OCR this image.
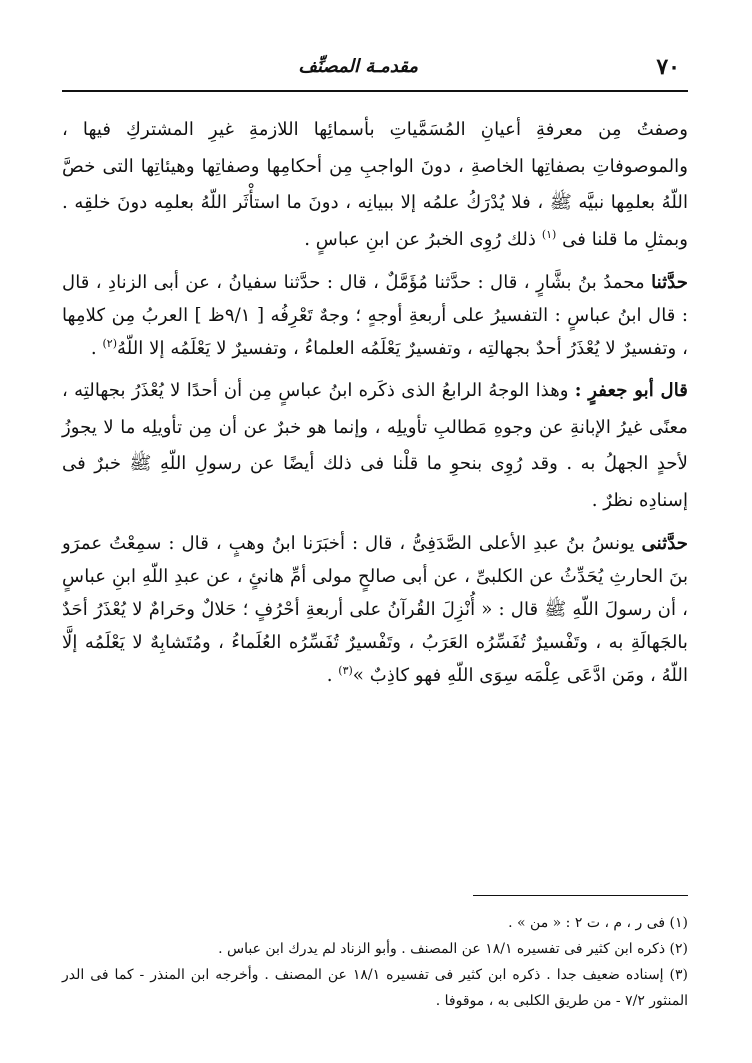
٧٠
مقدمـة المصنِّف

وصفتُ مِن معرفةِ أعيانِ المُسَمَّياتِ بأسمائِها اللازمةِ غيرِ المشتركِ فيها ، والموصوفاتِ بصفاتِها الخاصةِ ، دونَ الواجبِ مِن أحكامِها وصفاتِها وهيئاتِها التى خصَّ اللّهُ بعلمِها نبيَّه ﷺ ، فلا يُدْرَكُ علمُه إلا ببيانِه ، دونَ ما استأْثَر اللّهُ بعلمِه دونَ خلقِه . وبمثلِ ما قلنا فى $^{(١)}$ ذلك رُوِى الخبرُ عن ابنِ عباسٍ .

حدَّثنا محمدُ بنُ بشَّارٍ ، قال : حدَّثنا مُؤَمَّلٌ ، قال : حدَّثنا سفيانُ ، عن أبى الزنادِ ، قال : قال ابنُ عباسٍ : التفسيرُ على أربعةِ أوجهٍ ؛ وجهٌ تَعْرِفُه [ ٩/١ظ ] العربُ مِن كلامِها ، وتفسيرٌ لا يُعْذَرُ أحدٌ بجهالتِه ، وتفسيرٌ يَعْلَمُه العلماءُ ، وتفسيرٌ لا يَعْلَمُه إلا اللّهُ$^{(٢)}$ .

قال أبو جعفرٍ : وهذا الوجهُ الرابعُ الذى ذكَره ابنُ عباسٍ مِن أن أحدًا لا يُعْذَرُ بجهالتِه ، معنًى غيرُ الإبانةِ عن وجوهِ مَطالبِ تأويلِه ، وإنما هو خبرٌ عن أن مِن تأويلِه ما لا يجوزُ لأحدٍ الجهلُ به . وقد رُوِى بنحوِ ما قلْنا فى ذلك أيضًا عن رسولِ اللّهِ ﷺ خبرٌ فى إسنادِه نظرٌ .

حدَّثنى يونسُ بنُ عبدِ الأعلى الصَّدَفِىُّ ، قال : أخبَرَنا ابنُ وهبٍ ، قال : سمِعْتُ عمرَو بنَ الحارثِ يُحَدِّثُ عن الكلبىِّ ، عن أبى صالحٍ مولى أمِّ هانئٍ ، عن عبدِ اللّهِ ابنِ عباسٍ ، أن رسولَ اللّهِ ﷺ قال : « أُنْزِلَ القُرآنُ على أربعةِ أحْرُفٍ ؛ حَلالٌ وحَرامٌ لا يُعْذَرُ أحَدٌ بالجَهالَةِ به ، وتَفْسيرٌ تُفَسِّرُه العَرَبُ ، وتَفْسيرٌ تُفَسِّرُه العُلَماءُ ، ومُتَشابِهٌ لا يَعْلَمُه إلَّا اللّهُ ، ومَن ادَّعَى عِلْمَه سِوَى اللّهِ فهو كاذِبٌ »$^{(٣)}$ .

(١) فى ر ، م ، ت ٢ : « من » .

(٢) ذكره ابن كثير فى تفسيره ١٨/١ عن المصنف . وأبو الزناد لم يدرك ابن عباس .

(٣) إسناده ضعيف جدا . ذكره ابن كثير فى تفسيره ١٨/١ عن المصنف . وأخرجه ابن المنذر - كما فى الدر المنثور ٧/٢ - من طريق الكلبى به ، موقوفا .
